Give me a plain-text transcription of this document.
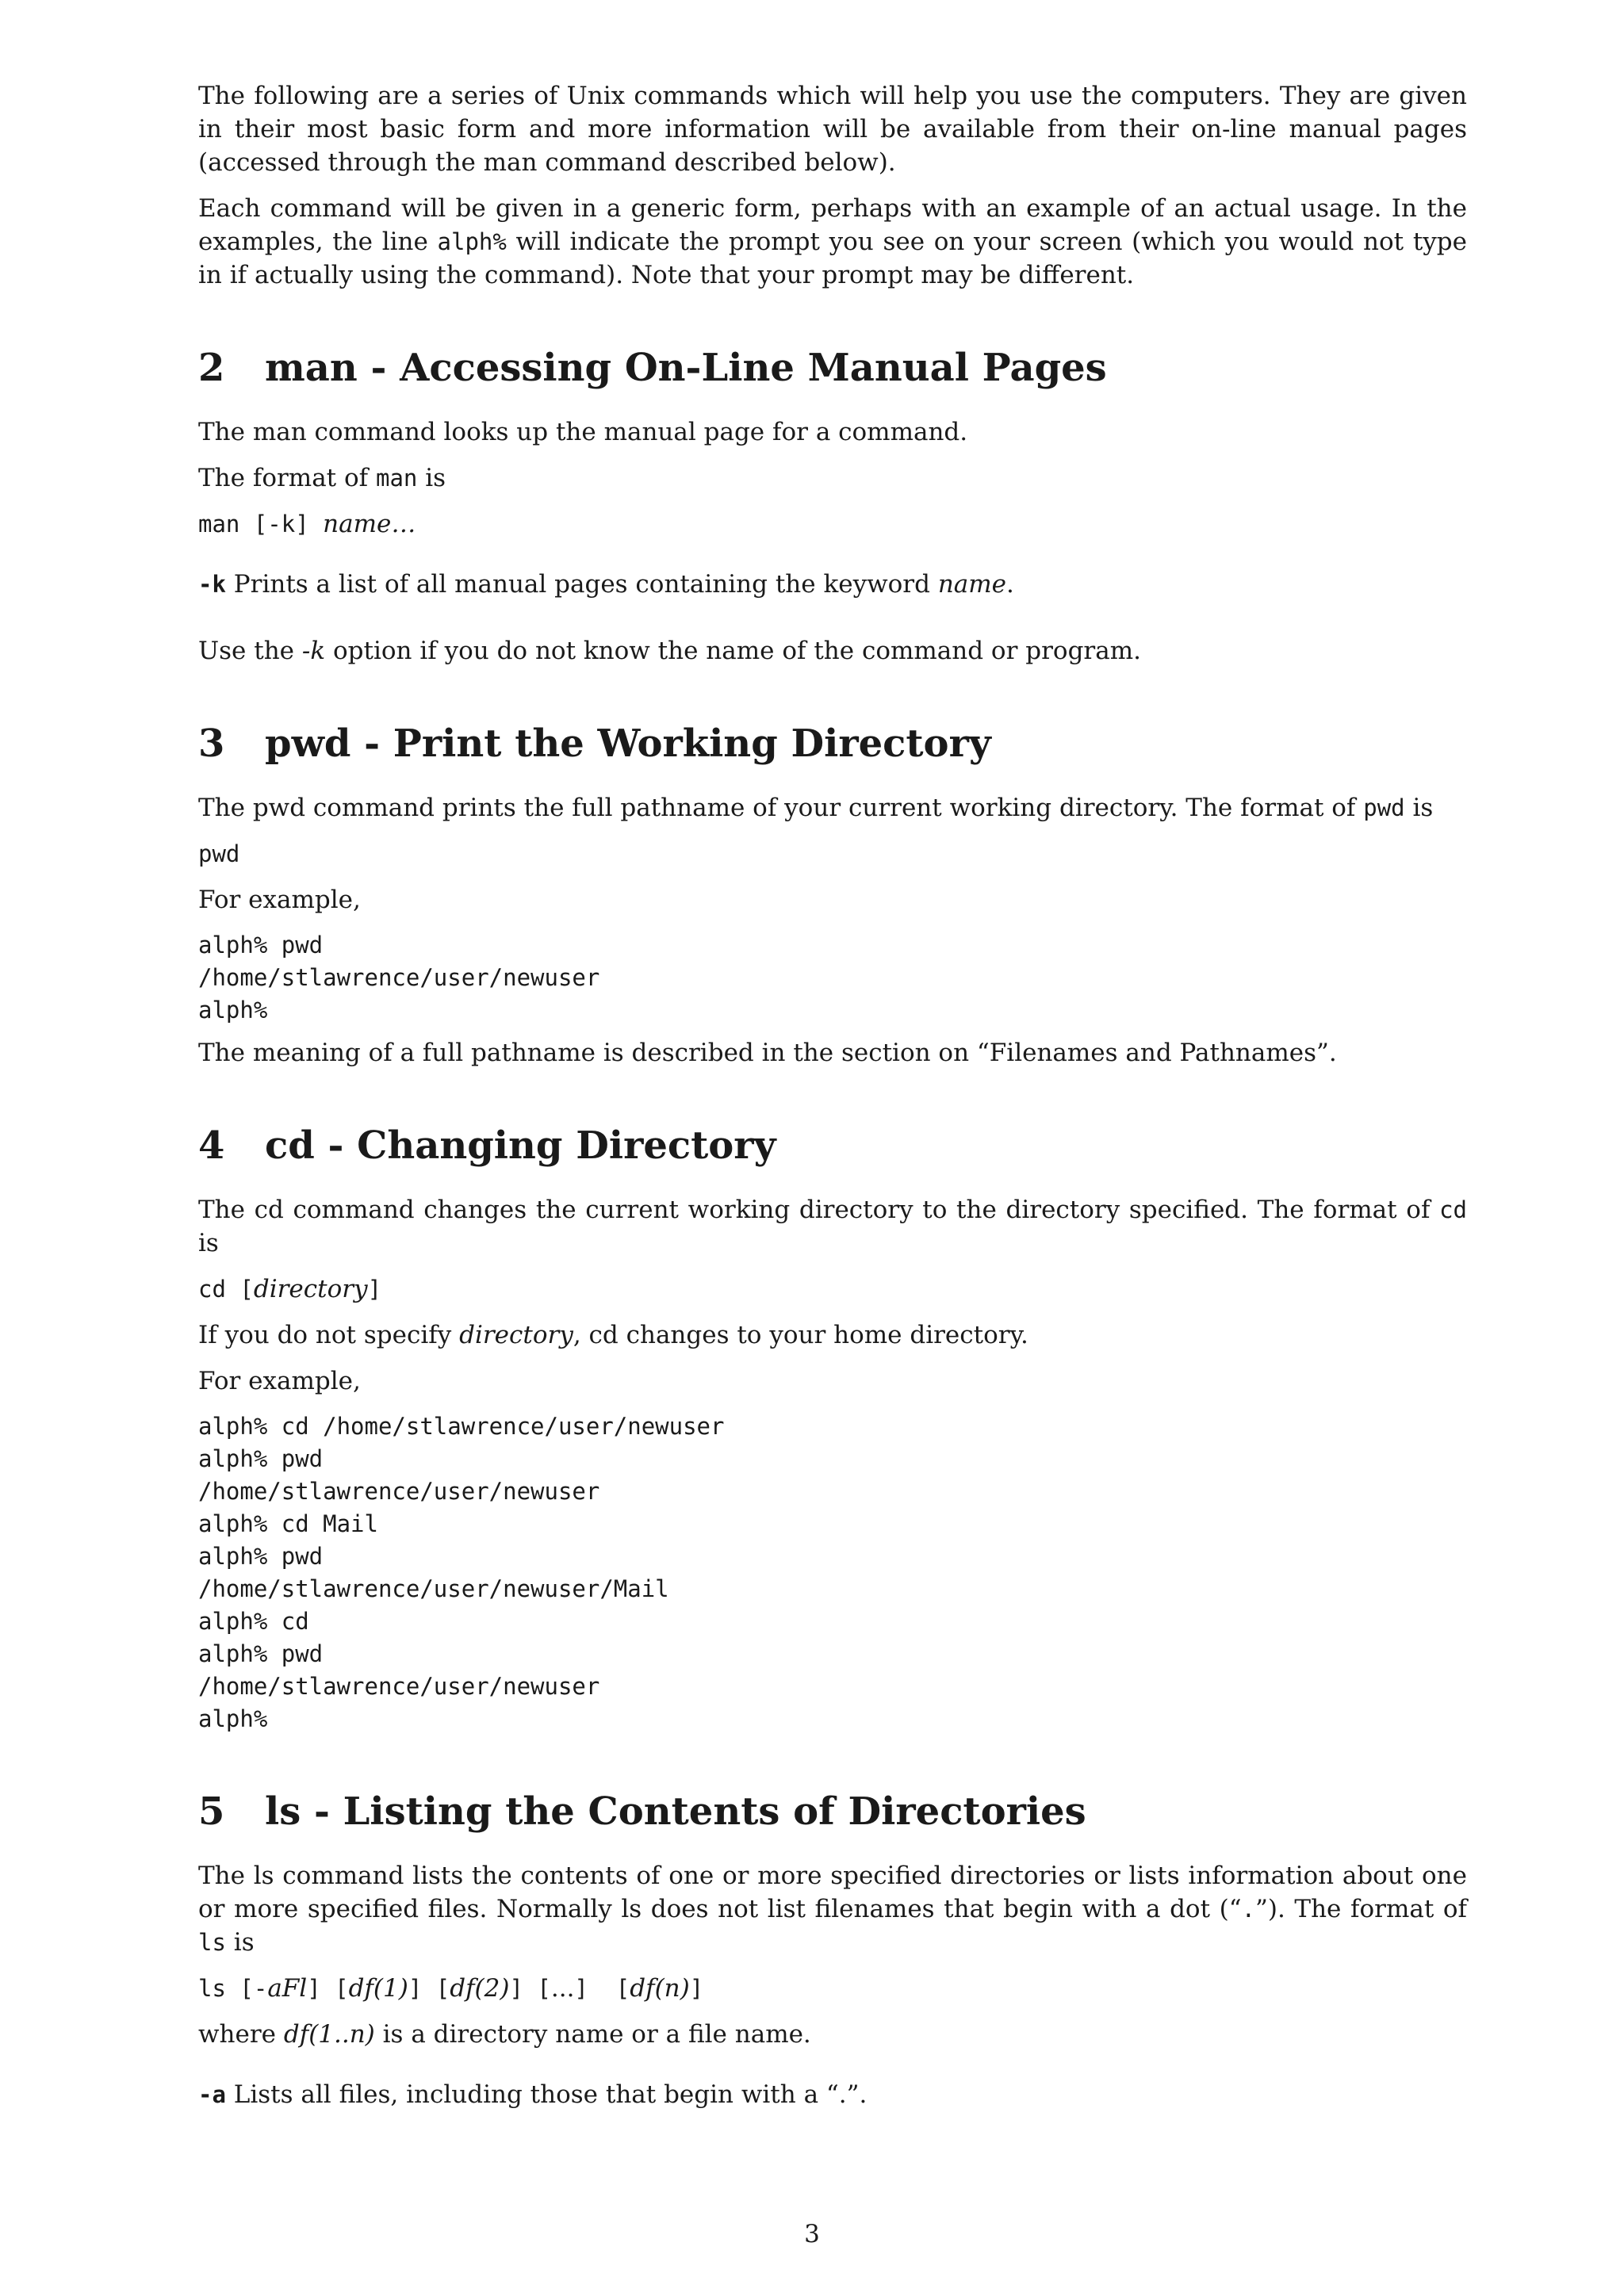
The following are a series of Unix commands which will help you use the computers. They are given in their most basic form and more information will be available from their on-line manual pages (accessed through the man command described below).

Each command will be given in a generic form, perhaps with an example of an actual usage. In the examples, the line alph% will indicate the prompt you see on your screen (which you would not type in if actually using the command). Note that your prompt may be different.

2 man - Accessing On-Line Manual Pages

The man command looks up the manual page for a command.

The format of man is

man [-k] name…

-k Prints a list of all manual pages containing the keyword name.

Use the -k option if you do not know the name of the command or program.

3 pwd - Print the Working Directory

The pwd command prints the full pathname of your current working directory. The format of pwd is

pwd

For example,

alph% pwd
/home/stlawrence/user/newuser
alph%

The meaning of a full pathname is described in the section on “Filenames and Pathnames”.

4 cd - Changing Directory

The cd command changes the current working directory to the directory specified. The format of cd is

cd [directory]

If you do not specify directory, cd changes to your home directory.

For example,

alph% cd /home/stlawrence/user/newuser
alph% pwd
/home/stlawrence/user/newuser
alph% cd Mail
alph% pwd
/home/stlawrence/user/newuser/Mail
alph% cd
alph% pwd
/home/stlawrence/user/newuser
alph%
5 ls - Listing the Contents of Directories

The ls command lists the contents of one or more specified directories or lists information about one or more specified files. Normally ls does not list filenames that begin with a dot (“.”). The format of ls is

ls [-aFl] [df(1)] [df(2)] [...]  [df(n)]

where df(1..n) is a directory name or a file name.

-a Lists all files, including those that begin with a “.”.

3
